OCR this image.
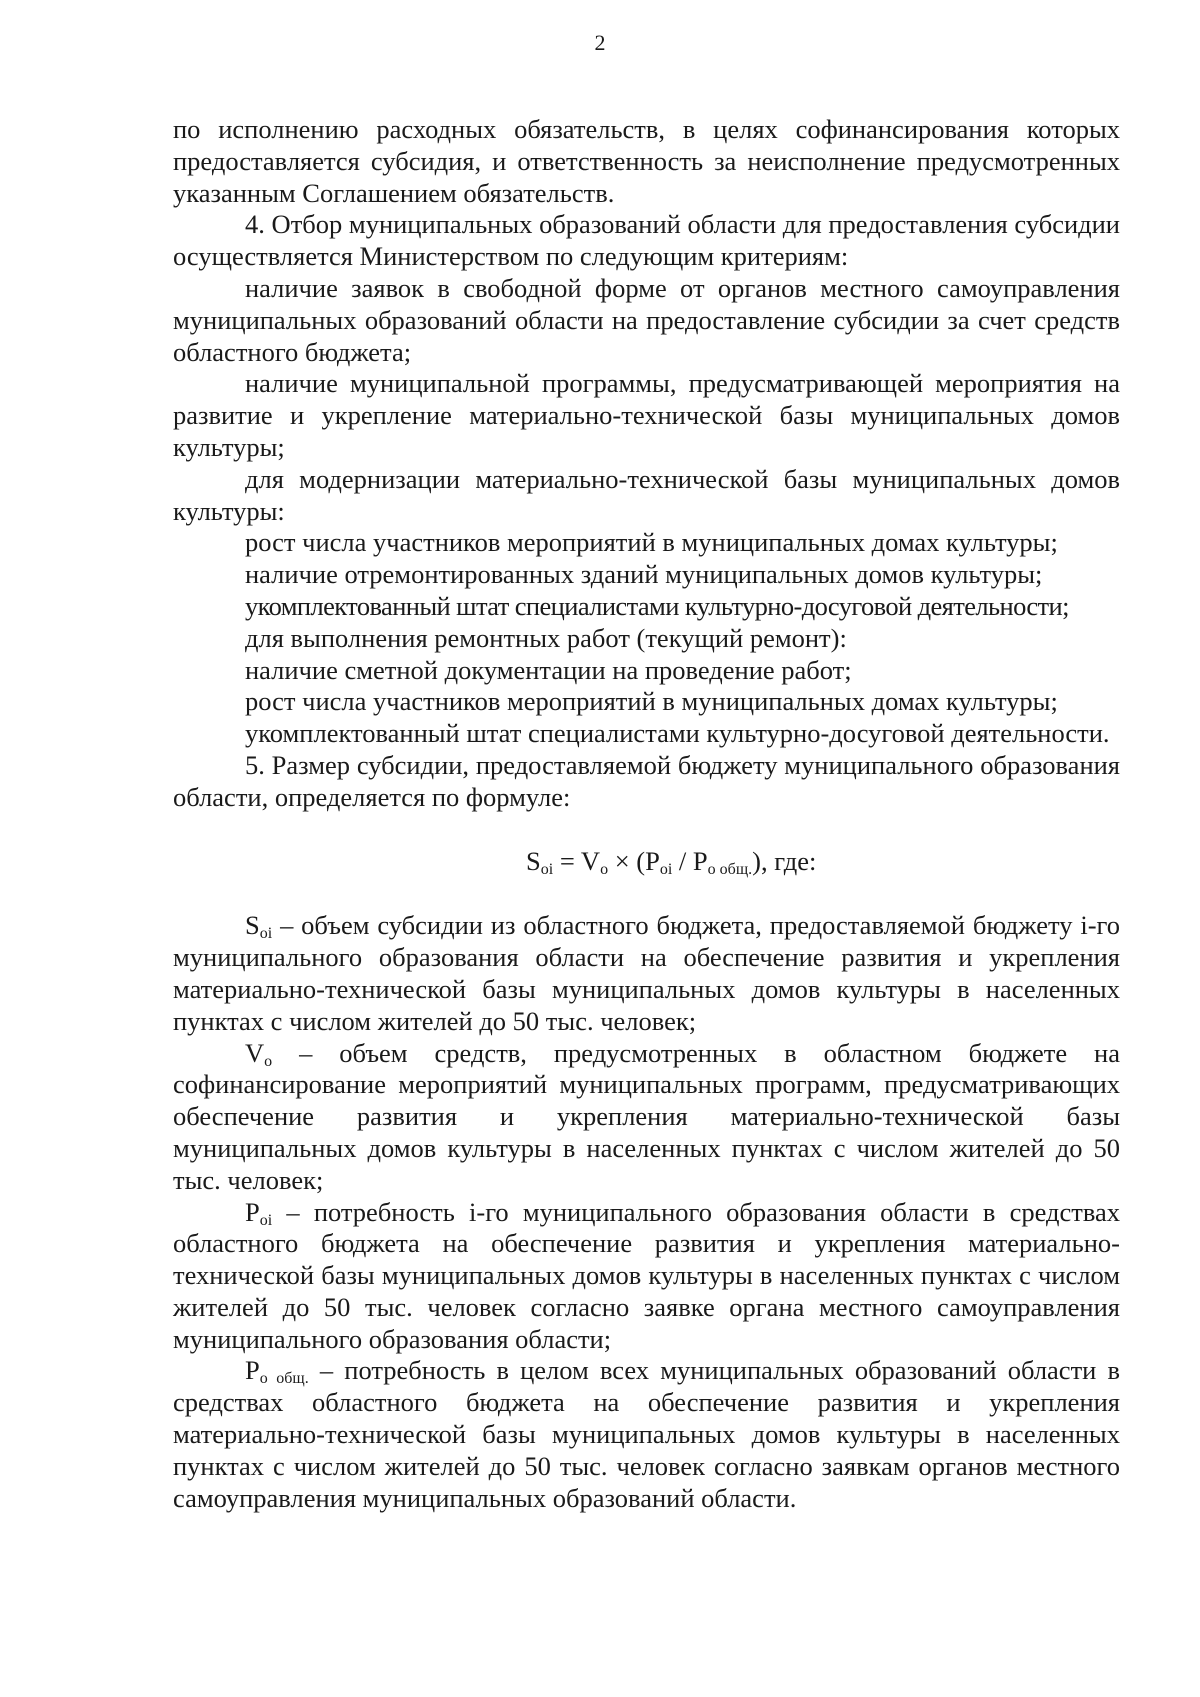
2

по исполнению расходных обязательств, в целях софинансирования которых предоставляется субсидия, и ответственность за неисполнение предусмотренных указанным Соглашением обязательств.

4. Отбор муниципальных образований области для предоставления субсидии осуществляется Министерством по следующим критериям:

наличие заявок в свободной форме от органов местного самоуправления муниципальных образований области на предоставление субсидии за счет средств областного бюджета;

наличие муниципальной программы, предусматривающей мероприятия на развитие и укрепление материально-технической базы муниципальных домов культуры;

для модернизации материально-технической базы муниципальных домов культуры:

рост числа участников мероприятий в муниципальных домах культуры;

наличие отремонтированных зданий муниципальных домов культуры;

укомплектованный штат специалистами культурно-досуговой деятельности;

для выполнения ремонтных работ (текущий ремонт):

наличие сметной документации на проведение работ;

рост числа участников мероприятий в муниципальных домах культуры;

укомплектованный штат специалистами культурно-досуговой деятельности.

5. Размер субсидии, предоставляемой бюджету муниципального образования области, определяется по формуле:

$S_{oi} = V_o \times (P_{oi} / P_{o общ.})$, где:

$S_{oi}$ – объем субсидии из областного бюджета, предоставляемой бюджету i-го муниципального образования области на обеспечение развития и укрепления материально-технической базы муниципальных домов культуры в населенных пунктах с числом жителей до 50 тыс. человек;

$V_o$ – объем средств, предусмотренных в областном бюджете на софинансирование мероприятий муниципальных программ, предусматривающих обеспечение развития и укрепления материально-технической базы муниципальных домов культуры в населенных пунктах с числом жителей до 50 тыс. человек;

$P_{oi}$ – потребность i-го муниципального образования области в средствах областного бюджета на обеспечение развития и укрепления материально-технической базы муниципальных домов культуры в населенных пунктах с числом жителей до 50 тыс. человек согласно заявке органа местного самоуправления муниципального образования области;

$P_{o общ.}$ – потребность в целом всех муниципальных образований области в средствах областного бюджета на обеспечение развития и укрепления материально-технической базы муниципальных домов культуры в населенных пунктах с числом жителей до 50 тыс. человек согласно заявкам органов местного самоуправления муниципальных образований области.
